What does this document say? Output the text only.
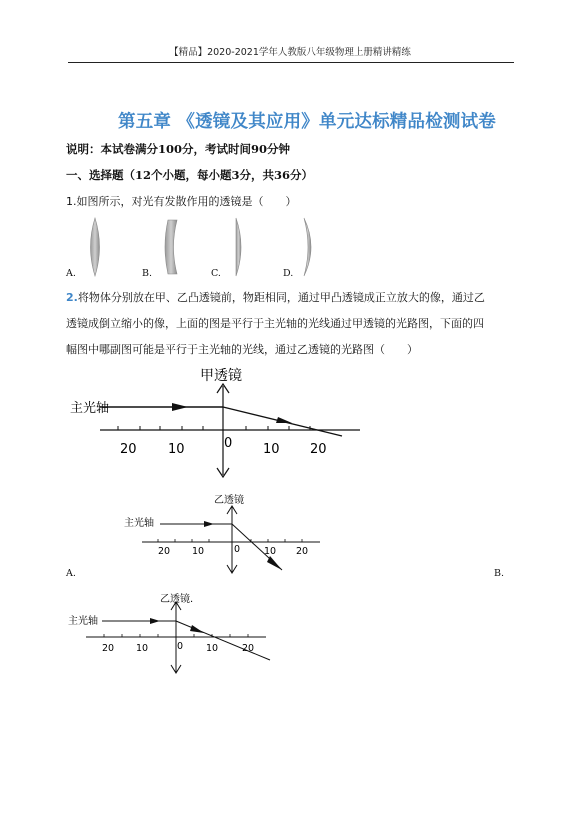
【精品】2020-2021学年人教版八年级物理上册精讲精练
第五章 《透镜及其应用》单元达标精品检测试卷
说明：本试卷满分100分，考试时间90分钟
一、选择题（12个小题，每小题3分，共36分）
1.如图所示，对光有发散作用的透镜是（　　）
A.	B.	C.	D.
2.将物体分别放在甲、乙凸透镜前，物距相同，通过甲凸透镜成正立放大的像，通过乙
透镜成倒立缩小的像，上面的图是平行于主光轴的光线通过甲透镜的光路图，下面的四
幅图中哪副图可能是平行于主光轴的光线，通过乙透镜的光路图（　　）
甲透镜
主光轴
20 10	0 10 20
乙透镜
主光轴
20 10	0	10 20
A.	B.
乙透镜.
主光轴
20 10	0 10	20
